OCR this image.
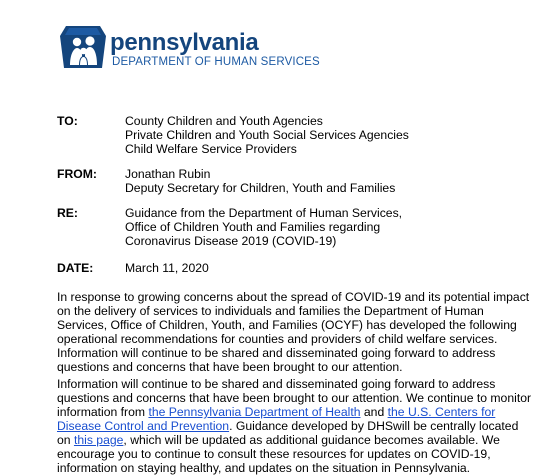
pennsylvania
DEPARTMENT OF HUMAN SERVICES
TO:	County Children and Youth Agencies
Private Children and Youth Social Services Agencies
Child Welfare Service Providers
FROM: Jonathan Rubin
Deputy Secretary for Children, Youth and Families
RE:	Guidance from the Department of Human Services,
Office of Children Youth and Families regarding
Coronavirus Disease 2019 (COVID-19)
DATE:	March 11, 2020
In response to growing concerns about the spread of COVID-19 and its potential impact
on the delivery of services to individuals and families the Department of Human
Services, Office of Children, Youth, and Families (OCYF) has developed the following
operational recommendations for counties and providers of child welfare services.
Information will continue to be shared and disseminated going forward to address
questions and concerns that have been brought to our attention.
Information will continue to be shared and disseminated going forward to address
questions and concerns that have been brought to our attention. We continue to monitor
information from the Pennsylvania Department of Health and the U.S. Centers for
Disease Control and Prevention. Guidance developed by DHSwill be centrally located
on this page, which will be updated as additional guidance becomes available. We
encourage you to continue to consult these resources for updates on COVID-19,
information on staying healthy, and updates on the situation in Pennsylvania.
